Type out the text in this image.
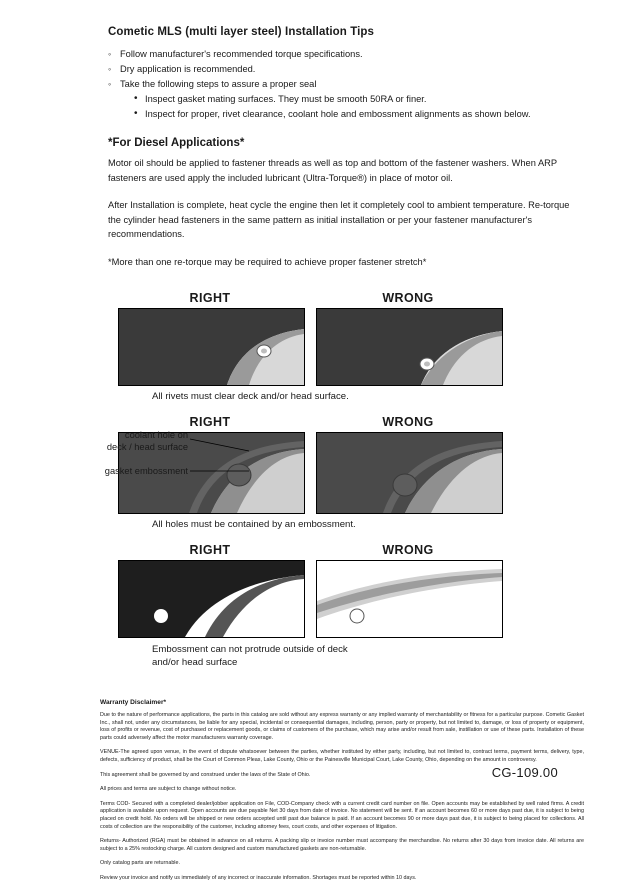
Cometic MLS (multi layer steel) Installation Tips
◦ Follow manufacturer's recommended torque specifications.
◦ Dry application is recommended.
◦ Take the following steps to assure a proper seal
• Inspect gasket mating surfaces. They must be smooth 50RA or finer.
• Inspect for proper, rivet clearance, coolant hole and embossment alignments as shown below.
*For Diesel Applications*

Motor oil should be applied to fastener threads as well as top and bottom of the fastener washers. When ARP fasteners are used apply the included lubricant (Ultra-Torque®) in place of motor oil.

After Installation is complete, heat cycle the engine then let it completely cool to ambient temperature. Re-torque the cylinder head fasteners in the same pattern as initial installation or per your fastener manufacturer's recommendations.

*More than one re-torque may be required to achieve proper fastener stretch*

RIGHT	WRONG
All rivets must clear deck and/or head surface.
RIGHT	WRONG
coolant hole on
deck / head surface
gasket embossment
All holes must be contained by an embossment.
RIGHT	WRONG
Embossment can not protrude outside of deck
and/or head surface
Warranty Disclaimer*

Due to the nature of performance applications, the parts in this catalog are sold without any express warranty or any implied warranty of merchantability or fitness for a particular purpose. Cometic Gasket Inc., shall not, under any circumstances, be liable for any special, incidental or consequential damages, including, person, party or property, but not limited to, damage, or loss of property or equipment, loss of profits or revenue, cost of purchased or replacement goods, or claims of customers of the purchase, which may arise and/or result from sale, instillation or use of these parts. Installation of these parts could adversely affect the motor manufacturers warranty coverage.

VENUE-The agreed upon venue, in the event of dispute whatsoever between the parties, whether instituted by either party, including, but not limited to, contract terms, payment terms, delivery, type, defects, sufficiency of product, shall be the Court of Common Pleas, Lake County, Ohio or the Painesville Municipal Court, Lake County, Ohio, depending on the amount in controversy.

This agreement shall be governed by and construed under the laws of the State of Ohio.

All prices and terms are subject to change without notice.

Terms COD- Secured with a completed dealer/jobber application on File, COD-Company check with a current credit card number on file. Open accounts may be established by well rated firms. A credit application is available upon request. Open accounts are due payable Net 30 days from date of invoice. No statement will be sent. If an account becomes 60 or more days past due, it is subject to being placed on credit hold. No orders will be shipped or new orders accepted until past due balance is paid. If an account becomes 90 or more days past due, it is subject to being placed for collections. All costs of collection are the responsibility of the customer, including attorney fees, court costs, and other expenses of litigation.

Returns- Authorized (RGA) must be obtained in advance on all returns. A packing slip or invoice number must accompany the merchandise. No returns after 30 days from invoice date. All returns are subject to a 25% restocking charge. All custom designed and custom manufactured gaskets are non-returnable.

Only catalog parts are returnable.

Review your invoice and notify us immediately of any incorrect or inaccurate information. Shortages must be reported within 10 days.

CG-109.00
